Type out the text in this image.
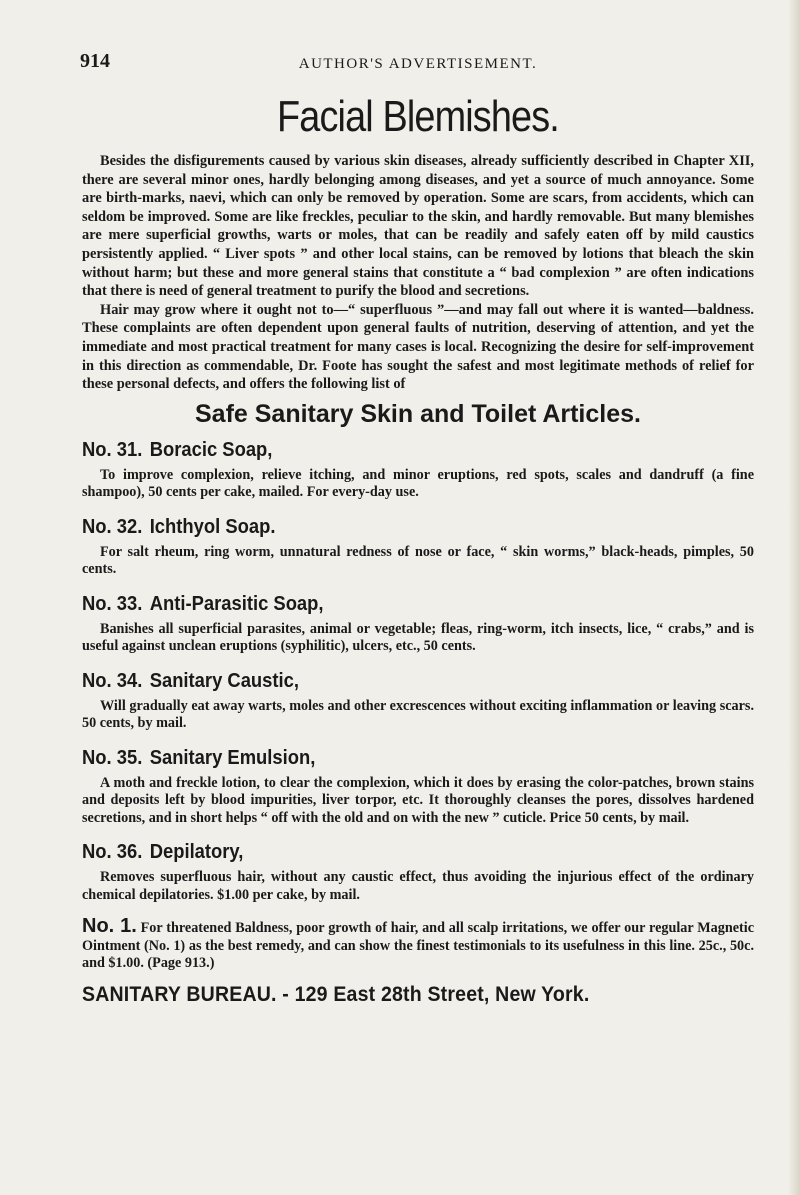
914	AUTHOR'S ADVERTISEMENT.
Facial Blemishes.

Besides the disfigurements caused by various skin diseases, already sufficiently described in Chapter XII, there are several minor ones, hardly belonging among diseases, and yet a source of much annoyance. Some are birth-marks, naevi, which can only be removed by operation. Some are scars, from accidents, which can seldom be improved. Some are like freckles, peculiar to the skin, and hardly removable. But many blemishes are mere superficial growths, warts or moles, that can be readily and safely eaten off by mild caustics persistently applied. “ Liver spots ” and other local stains, can be removed by lotions that bleach the skin without harm; but these and more general stains that constitute a “ bad complexion ” are often indications that there is need of general treatment to purify the blood and secretions.

Hair may grow where it ought not to—“ superfluous ”—and may fall out where it is wanted—baldness. These complaints are often dependent upon general faults of nutrition, deserving of attention, and yet the immediate and most practical treatment for many cases is local. Recognizing the desire for self-improvement in this direction as commendable, Dr. Foote has sought the safest and most legitimate methods of relief for these personal defects, and offers the following list of

Safe Sanitary Skin and Toilet Articles.
No. 31. Boracic Soap,
To improve complexion, relieve itching, and minor eruptions, red spots, scales and dandruff (a fine shampoo), 50 cents per cake, mailed. For every-day use.
No. 32. Ichthyol Soap.
For salt rheum, ring worm, unnatural redness of nose or face, “ skin worms,” black-heads, pimples, 50 cents.
No. 33. Anti-Parasitic Soap,
Banishes all superficial parasites, animal or vegetable; fleas, ring-worm, itch insects, lice, “ crabs,” and is useful against unclean eruptions (syphilitic), ulcers, etc., 50 cents.
No. 34. Sanitary Caustic,
Will gradually eat away warts, moles and other excrescences without exciting inflammation or leaving scars. 50 cents, by mail.
No. 35. Sanitary Emulsion,
A moth and freckle lotion, to clear the complexion, which it does by erasing the color-patches, brown stains and deposits left by blood impurities, liver torpor, etc. It thoroughly cleanses the pores, dissolves hardened secretions, and in short helps “ off with the old and on with the new ” cuticle. Price 50 cents, by mail.
No. 36. Depilatory,
Removes superfluous hair, without any caustic effect, thus avoiding the injurious effect of the ordinary chemical depilatories. $1.00 per cake, by mail.
No. 1. For threatened Baldness, poor growth of hair, and all scalp irritations, we offer our regular Magnetic Ointment (No. 1) as the best remedy, and can show the finest testimonials to its usefulness in this line. 25c., 50c. and $1.00. (Page 913.)
SANITARY BUREAU. - 129 East 28th Street, New York.
